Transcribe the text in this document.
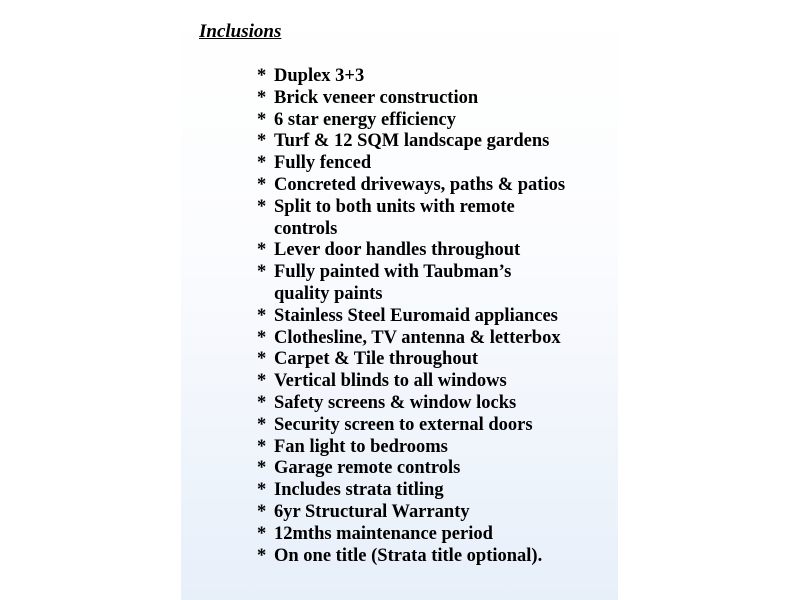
Inclusions
* Duplex 3+3
* Brick veneer construction
* 6 star energy efficiency
* Turf & 12 SQM landscape gardens
* Fully fenced
* Concreted driveways, paths & patios
* Split to both units with remote
controls
* Lever door handles throughout
* Fully painted with Taubman’s
quality paints
* Stainless Steel Euromaid appliances
* Clothesline, TV antenna & letterbox
* Carpet & Tile throughout
* Vertical blinds to all windows
* Safety screens & window locks
* Security screen to external doors
* Fan light to bedrooms
* Garage remote controls
* Includes strata titling
* 6yr Structural Warranty
* 12mths maintenance period
* On one title (Strata title optional).
